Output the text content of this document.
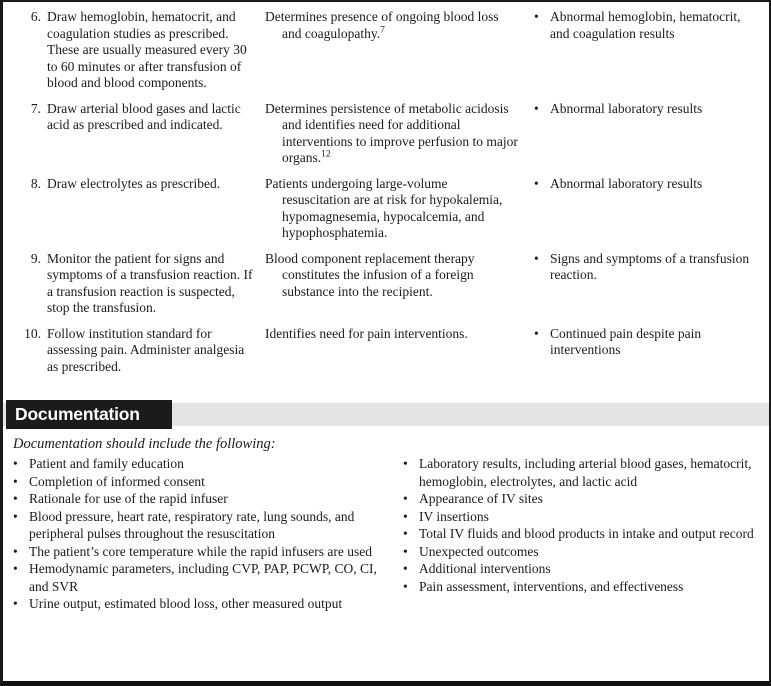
6. Draw hemoglobin, hematocrit, and coagulation studies as prescribed. These are usually measured every 30 to 60 minutes or after transfusion of blood and blood components.
Determines presence of ongoing blood loss and coagulopathy.$^7$
•
Abnormal hemoglobin, hematocrit, and coagulation results
7. Draw arterial blood gases and lactic acid as prescribed and indicated.
Determines persistence of metabolic acidosis and identifies need for additional interventions to improve perfusion to major organs.$^{12}$
•
Abnormal laboratory results
8. Draw electrolytes as prescribed.	Patients undergoing large-volume resuscitation are at risk for hypokalemia, hypomagnesemia, hypocalcemia, and hypophosphatemia.
•
Abnormal laboratory results
9. Monitor the patient for signs and symptoms of a transfusion reaction. If a transfusion reaction is suspected, stop the transfusion.
Blood component replacement therapy constitutes the infusion of a foreign substance into the recipient.
•
Signs and symptoms of a transfusion reaction.
10. Follow institution standard for assessing pain. Administer analgesia as prescribed.
Identifies need for pain interventions. •	Continued pain despite pain interventions
Documentation
Documentation should include the following:
•
Patient and family education
•
Completion of informed consent
•
Rationale for use of the rapid infuser
•
Blood pressure, heart rate, respiratory rate, lung sounds, and peripheral pulses throughout the resuscitation
•
The patient’s core temperature while the rapid infusers are used
•
Hemodynamic parameters, including CVP, PAP, PCWP, CO, CI, and SVR
•
Urine output, estimated blood loss, other measured output
•
Laboratory results, including arterial blood gases, hematocrit, hemoglobin, electrolytes, and lactic acid
•
Appearance of IV sites
•
IV insertions
•
Total IV fluids and blood products in intake and output record
•
Unexpected outcomes
•
Additional interventions
•
Pain assessment, interventions, and effectiveness
